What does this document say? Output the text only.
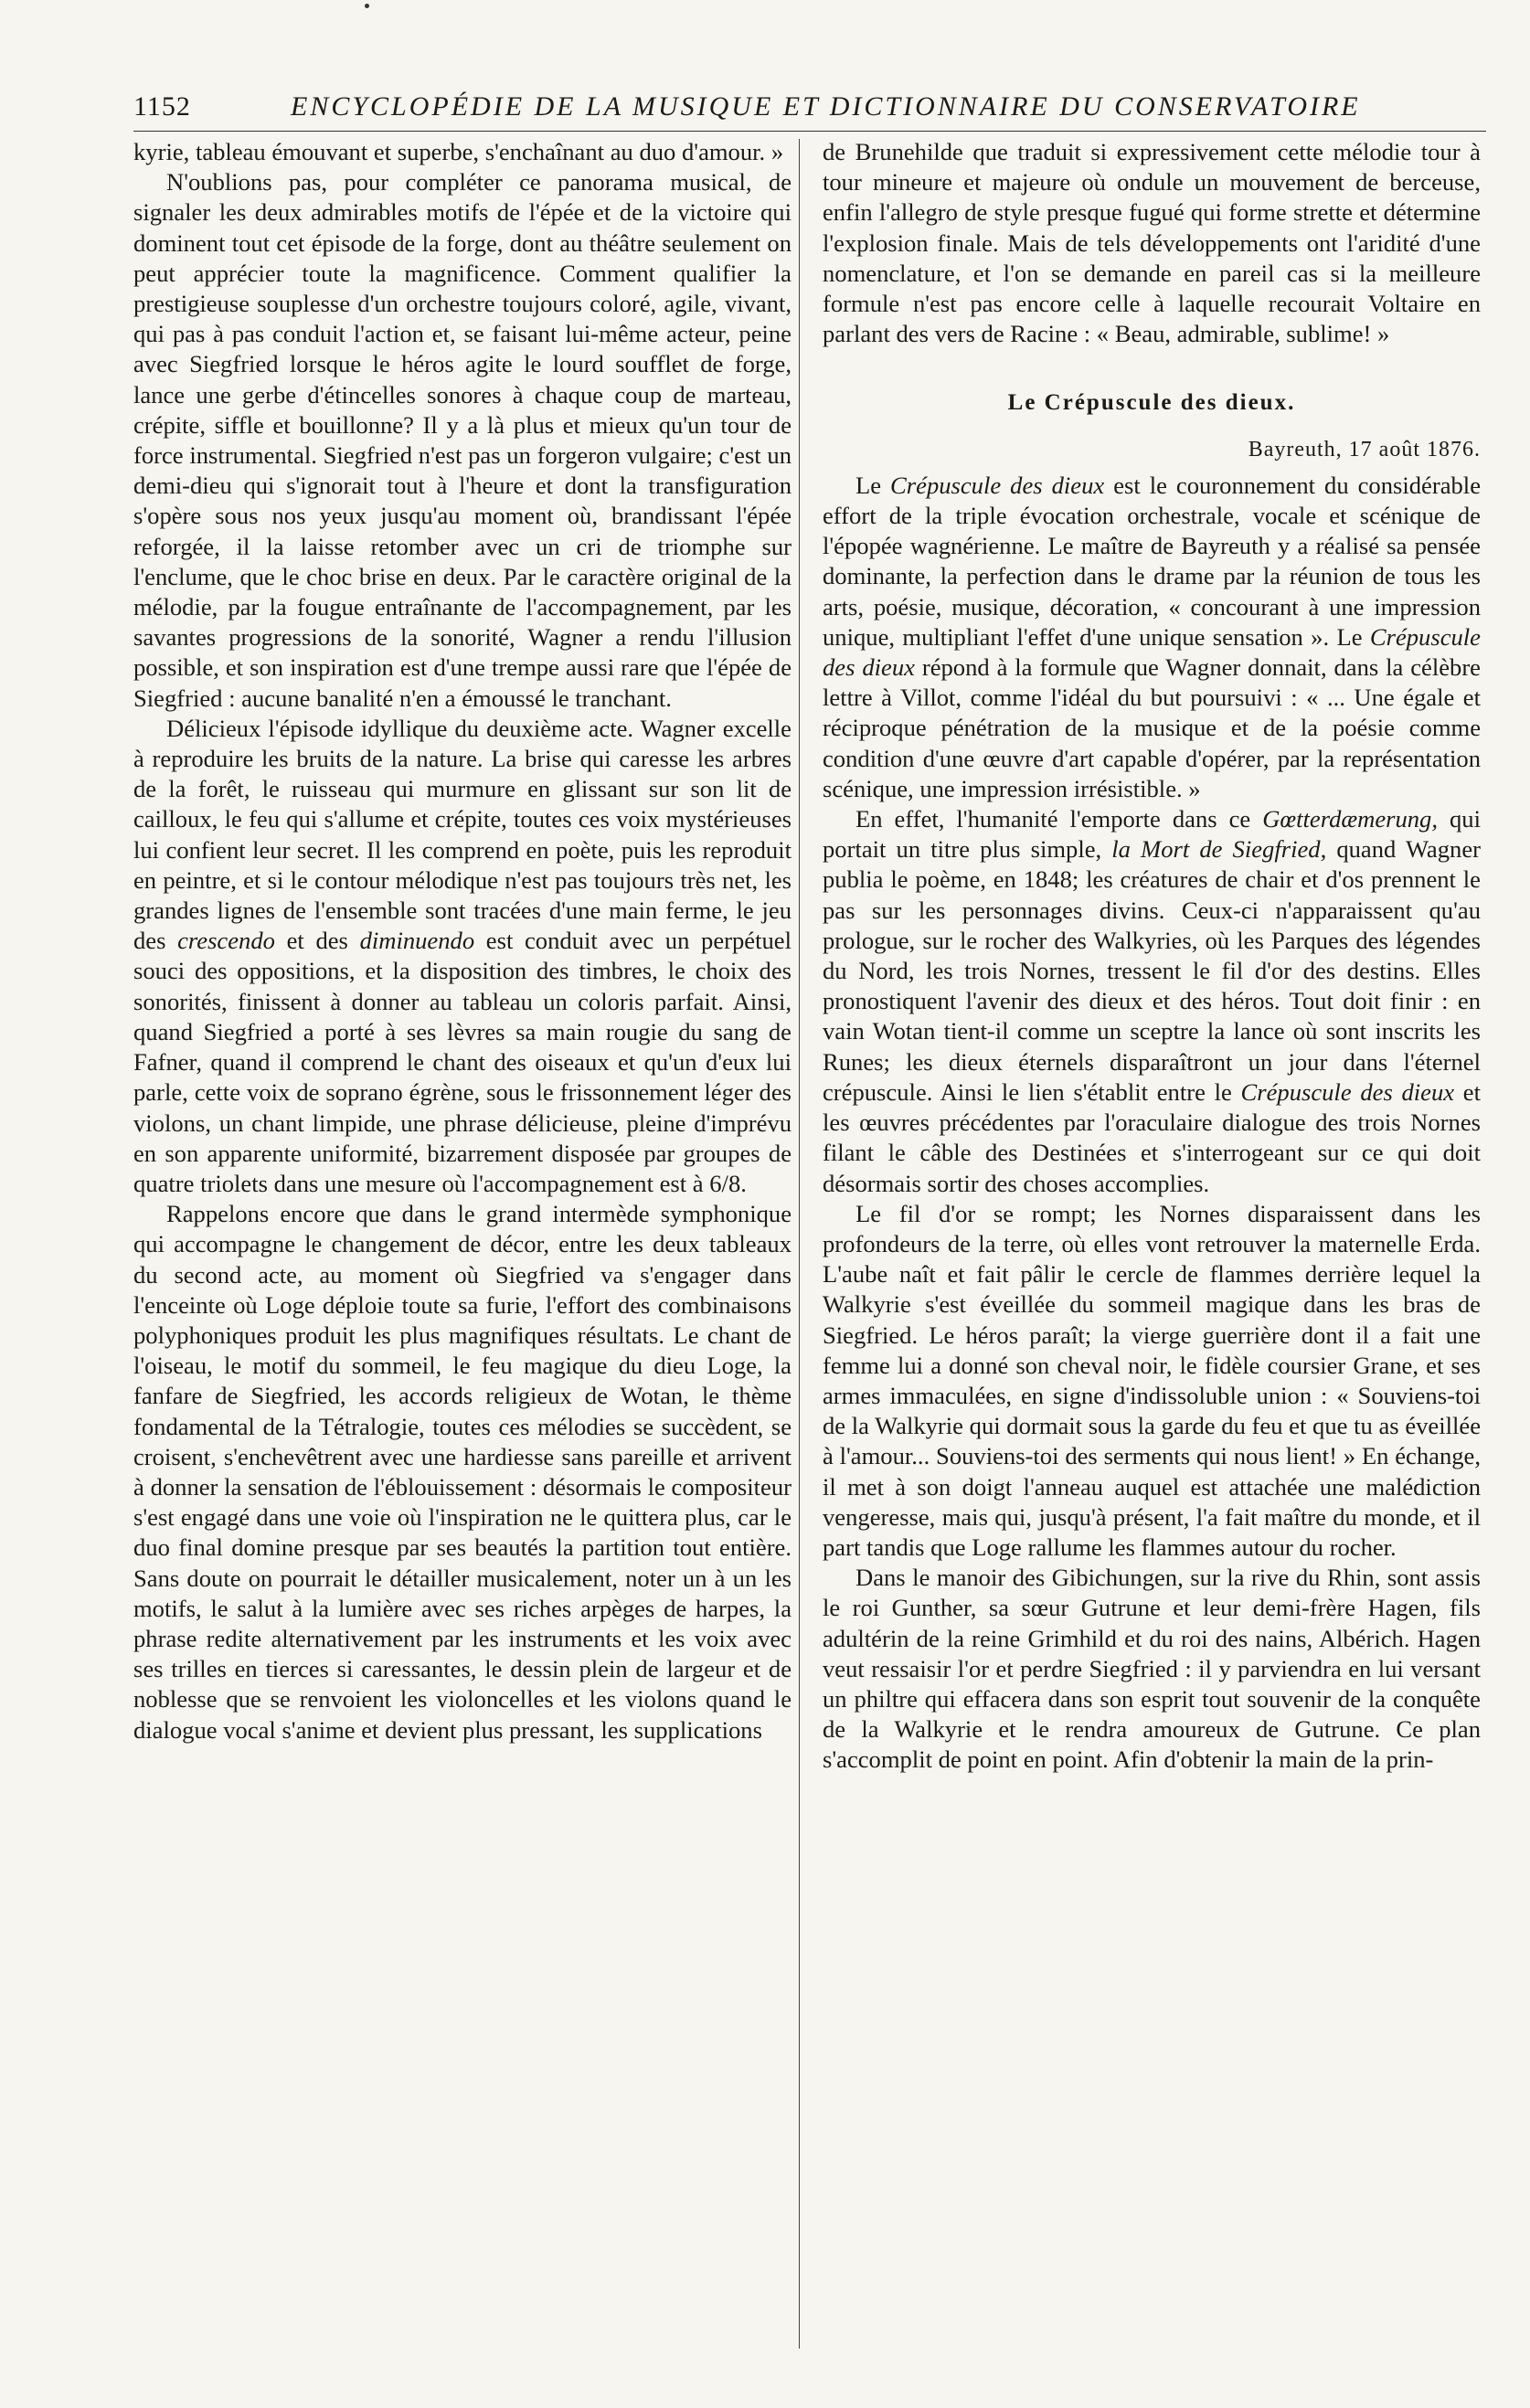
1152	ENCYCLOPÉDIE DE LA MUSIQUE ET DICTIONNAIRE DU CONSERVATOIRE

kyrie, tableau émouvant et superbe, s'enchaînant au duo d'amour. »

N'oublions pas, pour compléter ce panorama musical, de signaler les deux admirables motifs de l'épée et de la victoire qui dominent tout cet épisode de la forge, dont au théâtre seulement on peut apprécier toute la magnificence. Comment qualifier la prestigieuse souplesse d'un orchestre toujours coloré, agile, vivant, qui pas à pas conduit l'action et, se faisant lui-même acteur, peine avec Siegfried lorsque le héros agite le lourd soufflet de forge, lance une gerbe d'étincelles sonores à chaque coup de marteau, crépite, siffle et bouillonne? Il y a là plus et mieux qu'un tour de force instrumental. Siegfried n'est pas un forgeron vulgaire; c'est un demi-dieu qui s'ignorait tout à l'heure et dont la transfiguration s'opère sous nos yeux jusqu'au moment où, brandissant l'épée reforgée, il la laisse retomber avec un cri de triomphe sur l'enclume, que le choc brise en deux. Par le caractère original de la mélodie, par la fougue entraînante de l'accompagnement, par les savantes progressions de la sonorité, Wagner a rendu l'illusion possible, et son inspiration est d'une trempe aussi rare que l'épée de Siegfried : aucune banalité n'en a émoussé le tranchant.

Délicieux l'épisode idyllique du deuxième acte. Wagner excelle à reproduire les bruits de la nature. La brise qui caresse les arbres de la forêt, le ruisseau qui murmure en glissant sur son lit de cailloux, le feu qui s'allume et crépite, toutes ces voix mystérieuses lui confient leur secret. Il les comprend en poète, puis les reproduit en peintre, et si le contour mélodique n'est pas toujours très net, les grandes lignes de l'ensemble sont tracées d'une main ferme, le jeu des crescendo et des diminuendo est conduit avec un perpétuel souci des oppositions, et la disposition des timbres, le choix des sonorités, finissent à donner au tableau un coloris parfait. Ainsi, quand Siegfried a porté à ses lèvres sa main rougie du sang de Fafner, quand il comprend le chant des oiseaux et qu'un d'eux lui parle, cette voix de soprano égrène, sous le frissonnement léger des violons, un chant limpide, une phrase délicieuse, pleine d'imprévu en son apparente uniformité, bizarrement disposée par groupes de quatre triolets dans une mesure où l'accompagnement est à 6/8.

Rappelons encore que dans le grand intermède symphonique qui accompagne le changement de décor, entre les deux tableaux du second acte, au moment où Siegfried va s'engager dans l'enceinte où Loge déploie toute sa furie, l'effort des combinaisons polyphoniques produit les plus magnifiques résultats. Le chant de l'oiseau, le motif du sommeil, le feu magique du dieu Loge, la fanfare de Siegfried, les accords religieux de Wotan, le thème fondamental de la Tétralogie, toutes ces mélodies se succèdent, se croisent, s'enchevêtrent avec une hardiesse sans pareille et arrivent à donner la sensation de l'éblouissement : désormais le compositeur s'est engagé dans une voie où l'inspiration ne le quittera plus, car le duo final domine presque par ses beautés la partition tout entière. Sans doute on pourrait le détailler musicalement, noter un à un les motifs, le salut à la lumière avec ses riches arpèges de harpes, la phrase redite alternativement par les instruments et les voix avec ses trilles en tierces si caressantes, le dessin plein de largeur et de noblesse que se renvoient les violoncelles et les violons quand le dialogue vocal s'anime et devient plus pressant, les supplications

de Brunehilde que traduit si expressivement cette mélodie tour à tour mineure et majeure où ondule un mouvement de berceuse, enfin l'allegro de style presque fugué qui forme strette et détermine l'explosion finale. Mais de tels développements ont l'aridité d'une nomenclature, et l'on se demande en pareil cas si la meilleure formule n'est pas encore celle à laquelle recourait Voltaire en parlant des vers de Racine : « Beau, admirable, sublime! »

Le Crépuscule des dieux.
Bayreuth, 17 août 1876.

Le Crépuscule des dieux est le couronnement du considérable effort de la triple évocation orchestrale, vocale et scénique de l'épopée wagnérienne. Le maître de Bayreuth y a réalisé sa pensée dominante, la perfection dans le drame par la réunion de tous les arts, poésie, musique, décoration, « concourant à une impression unique, multipliant l'effet d'une unique sensation ». Le Crépuscule des dieux répond à la formule que Wagner donnait, dans la célèbre lettre à Villot, comme l'idéal du but poursuivi : « ... Une égale et réciproque pénétration de la musique et de la poésie comme condition d'une œuvre d'art capable d'opérer, par la représentation scénique, une impression irrésistible. »

En effet, l'humanité l'emporte dans ce Gœtterdæmerung, qui portait un titre plus simple, la Mort de Siegfried, quand Wagner publia le poème, en 1848; les créatures de chair et d'os prennent le pas sur les personnages divins. Ceux-ci n'apparaissent qu'au prologue, sur le rocher des Walkyries, où les Parques des légendes du Nord, les trois Nornes, tressent le fil d'or des destins. Elles pronostiquent l'avenir des dieux et des héros. Tout doit finir : en vain Wotan tient-il comme un sceptre la lance où sont inscrits les Runes; les dieux éternels disparaîtront un jour dans l'éternel crépuscule. Ainsi le lien s'établit entre le Crépuscule des dieux et les œuvres précédentes par l'oraculaire dialogue des trois Nornes filant le câble des Destinées et s'interrogeant sur ce qui doit désormais sortir des choses accomplies.

Le fil d'or se rompt; les Nornes disparaissent dans les profondeurs de la terre, où elles vont retrouver la maternelle Erda. L'aube naît et fait pâlir le cercle de flammes derrière lequel la Walkyrie s'est éveillée du sommeil magique dans les bras de Siegfried. Le héros paraît; la vierge guerrière dont il a fait une femme lui a donné son cheval noir, le fidèle coursier Grane, et ses armes immaculées, en signe d'indissoluble union : « Souviens-toi de la Walkyrie qui dormait sous la garde du feu et que tu as éveillée à l'amour... Souviens-toi des serments qui nous lient! » En échange, il met à son doigt l'anneau auquel est attachée une malédiction vengeresse, mais qui, jusqu'à présent, l'a fait maître du monde, et il part tandis que Loge rallume les flammes autour du rocher.

Dans le manoir des Gibichungen, sur la rive du Rhin, sont assis le roi Gunther, sa sœur Gutrune et leur demi-frère Hagen, fils adultérin de la reine Grimhild et du roi des nains, Albérich. Hagen veut ressaisir l'or et perdre Siegfried : il y parviendra en lui versant un philtre qui effacera dans son esprit tout souvenir de la conquête de la Walkyrie et le rendra amoureux de Gutrune. Ce plan s'accomplit de point en point. Afin d'obtenir la main de la prin-
